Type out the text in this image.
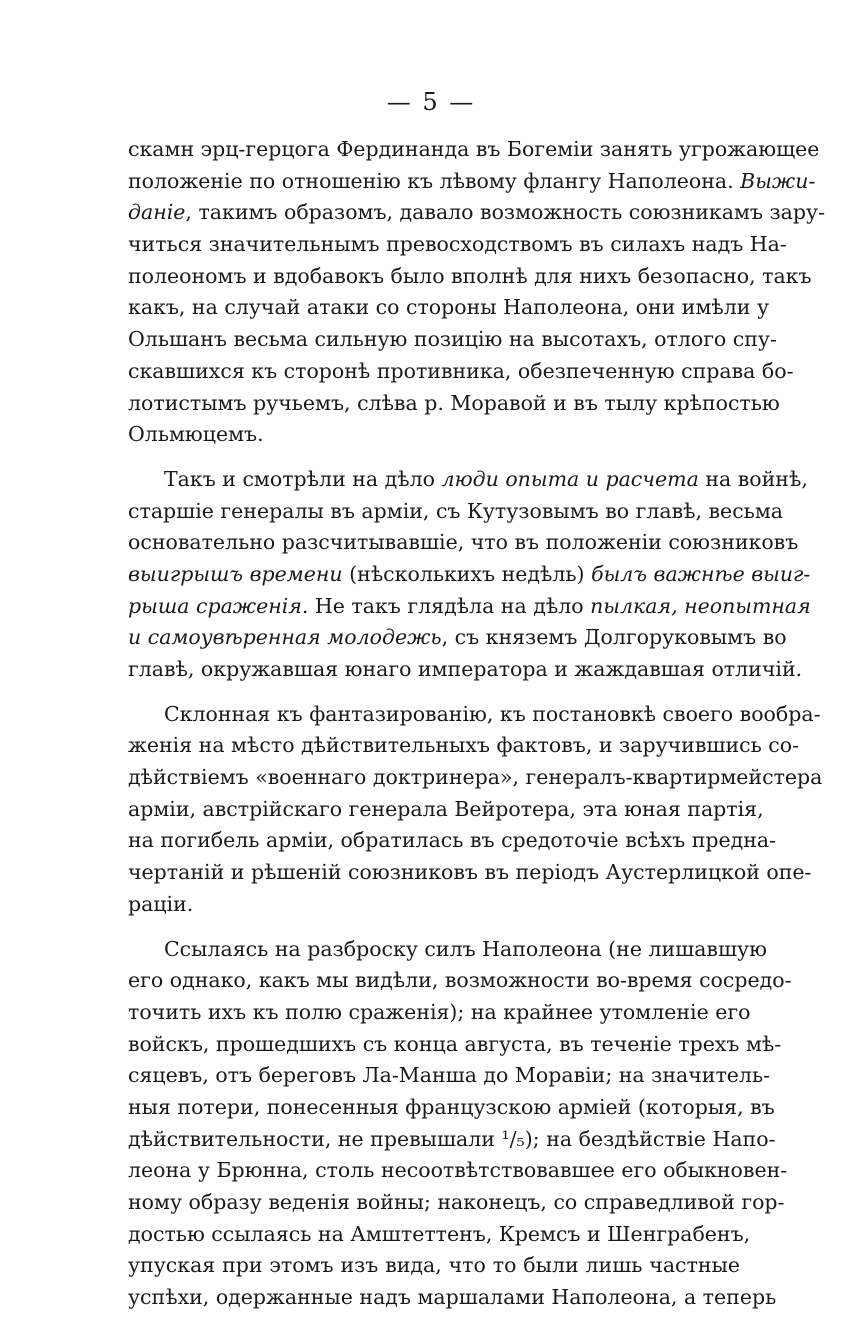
— 5 —
скамн эрц-герцога Фердинанда въ Богеміи занять угрожающее
положеніе по отношенію къ лѣвому флангу Наполеона. Выжи-
даніе, такимъ образомъ, давало возможность союзникамъ зару-
читься значительнымъ превосходствомъ въ силахъ надъ На-
полеономъ и вдобавокъ было вполнѣ для нихъ безопасно, такъ
какъ, на случай атаки со стороны Наполеона, они имѣли у
Ольшанъ весьма сильную позицію на высотахъ, отлого спу-
скавшихся къ сторонѣ противника, обезпеченную справа бо-
лотистымъ ручьемъ, слѣва р. Моравой и въ тылу крѣпостью
Ольмюцемъ.
Такъ и смотрѣли на дѣло люди опыта и расчета на войнѣ,
старшіе генералы въ арміи, съ Кутузовымъ во главѣ, весьма
основательно разсчитывавшіе, что въ положеніи союзниковъ
выигрышъ времени (нѣсколькихъ недѣль) былъ важнѣе выиг-
рыша сраженія. Не такъ глядѣла на дѣло пылкая, неопытная
и самоувѣренная молодежь, съ княземъ Долгоруковымъ во
главѣ, окружавшая юнаго императора и жаждавшая отличій.
Склонная къ фантазированію, къ постановкѣ своего вообра-
женія на мѣсто дѣйствительныхъ фактовъ, и заручившись со-
дѣйствіемъ «военнаго доктринера», генералъ-квартирмейстера
арміи, австрійскаго генерала Вейротера, эта юная партія,
на погибель арміи, обратилась въ средоточіе всѣхъ предна-
чертаній и рѣшеній союзниковъ въ періодъ Аустерлицкой опе-
раціи.
Ссылаясь на разброску силъ Наполеона (не лишавшую
его однако, какъ мы видѣли, возможности во-время сосредо-
точить ихъ къ полю сраженія); на крайнее утомленіе его
войскъ, прошедшихъ съ конца августа, въ теченіе трехъ мѣ-
сяцевъ, отъ береговъ Ла-Манша до Моравіи; на значитель-
ныя потери, понесенныя французскою арміей (которыя, въ
дѣйствительности, не превышали ¹/₅); на бездѣйствіе Напо-
леона у Брюнна, столь несоотвѣтствовавшее его обыкновен-
ному образу веденія войны; наконецъ, со справедливой гор-
достью ссылаясь на Амштеттенъ, Кремсъ и Шенграбенъ,
упуская при этомъ изъ вида, что то были лишь частные
успѣхи, одержанные надъ маршалами Наполеона, а теперь
